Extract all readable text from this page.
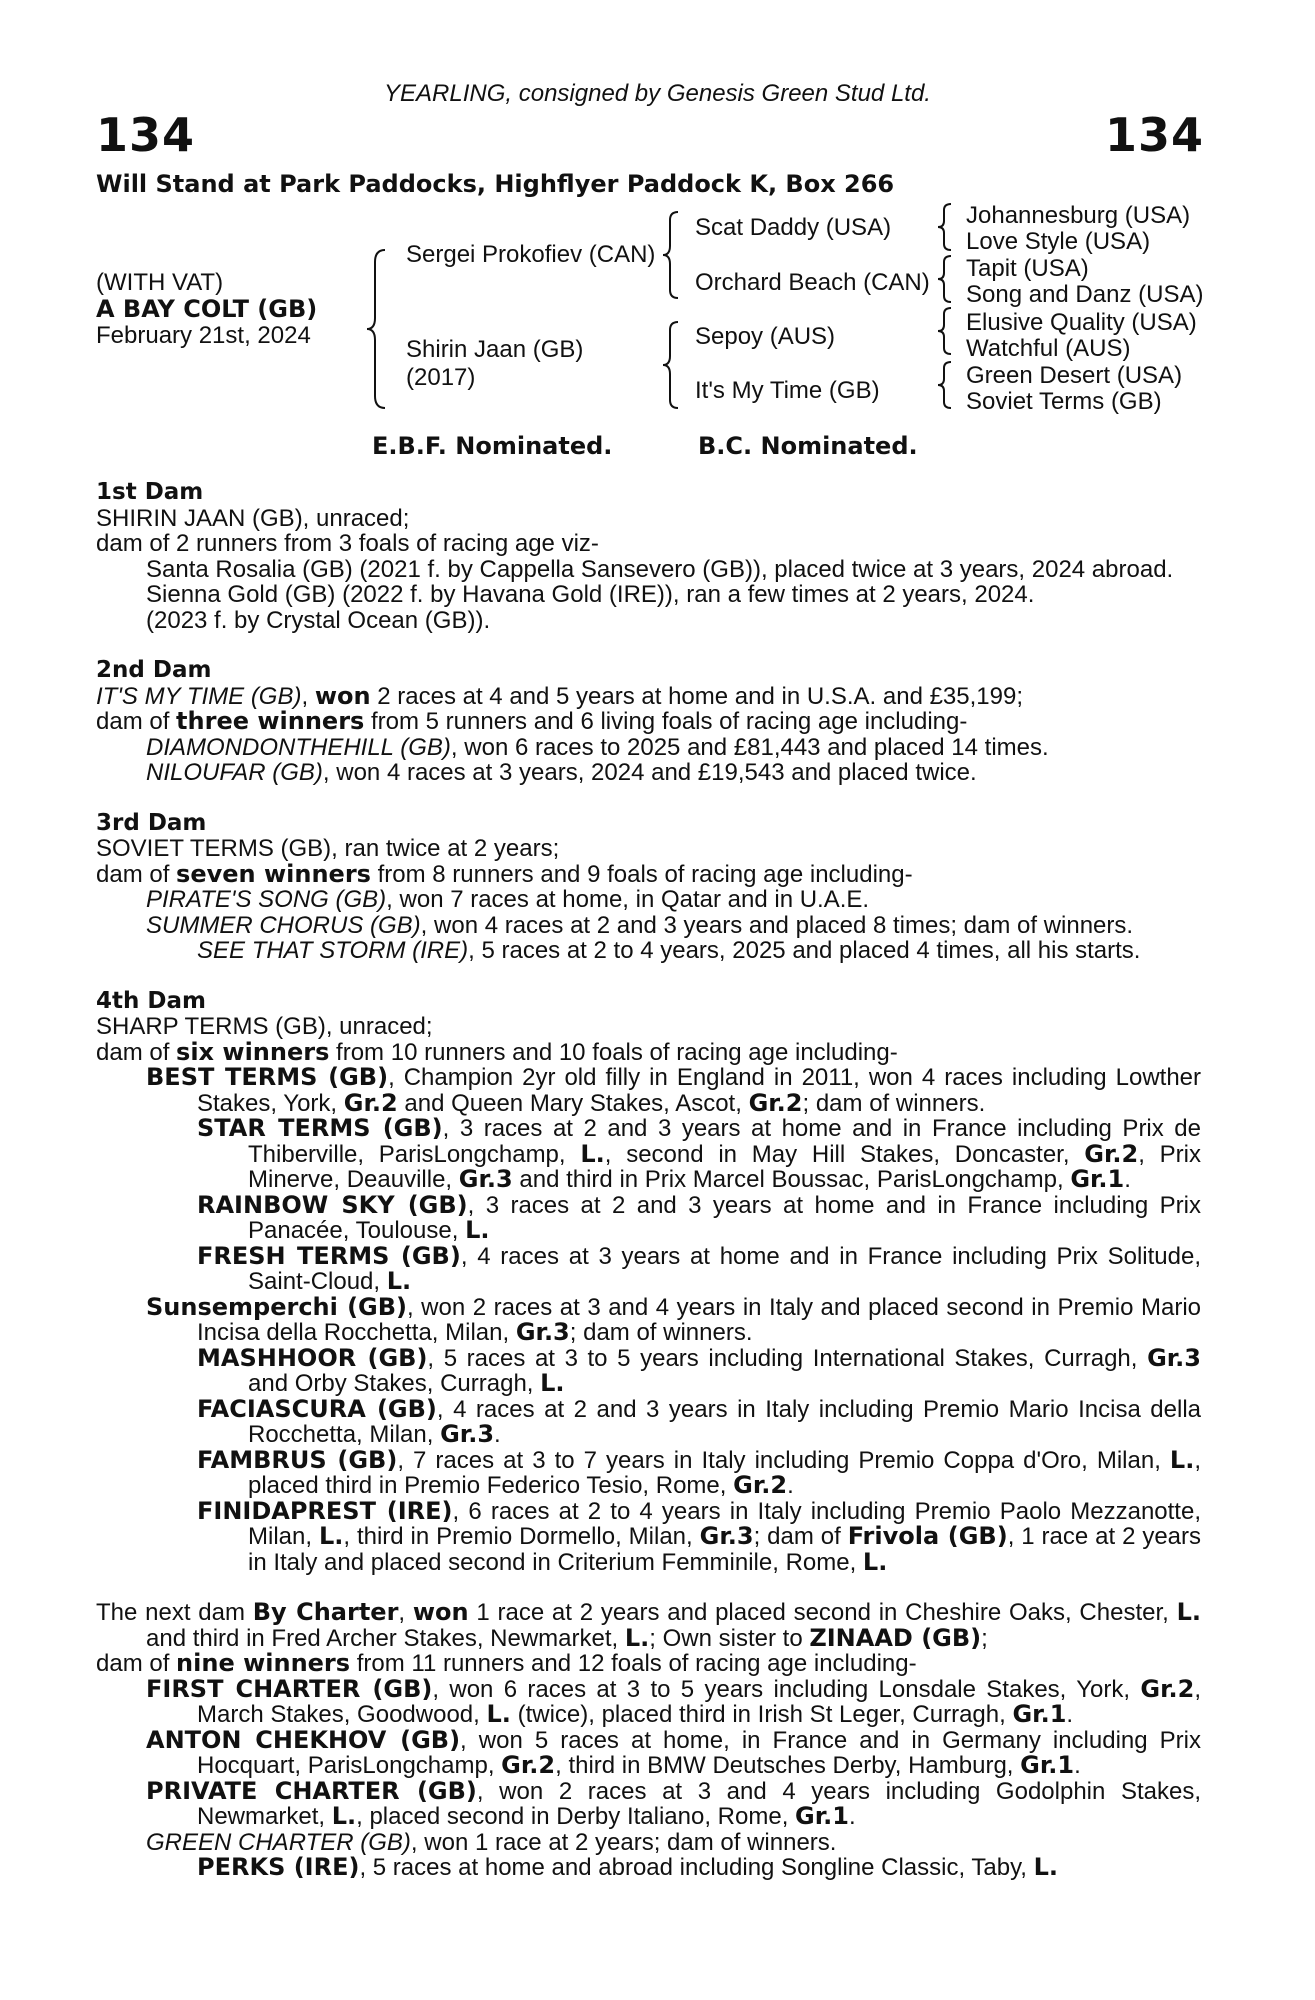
YEARLING, consigned by Genesis Green Stud Ltd.
134	134
Will Stand at Park Paddocks, Highflyer Paddock K, Box 266
(WITH VAT)
A BAY COLT (GB)
February 21st, 2024
Sergei Prokofiev (CAN)
Shirin Jaan (GB)
(2017)
Scat Daddy (USA)
Orchard Beach (CAN)
Sepoy (AUS)
It's My Time (GB)
Johannesburg (USA)
Love Style (USA)
Tapit (USA)
Song and Danz (USA)
Elusive Quality (USA)
Watchful (AUS)
Green Desert (USA)
Soviet Terms (GB)
E.B.F. Nominated.	B.C. Nominated.

1st Dam

SHIRIN JAAN (GB), unraced;

dam of 2 runners from 3 foals of racing age viz-

Santa Rosalia (GB) (2021 f. by Cappella Sansevero (GB)), placed twice at 3 years, 2024 abroad.

Sienna Gold (GB) (2022 f. by Havana Gold (IRE)), ran a few times at 2 years, 2024.

(2023 f. by Crystal Ocean (GB)).

2nd Dam

IT'S MY TIME (GB), won 2 races at 4 and 5 years at home and in U.S.A. and £35,199;

dam of three winners from 5 runners and 6 living foals of racing age including-

DIAMONDONTHEHILL (GB), won 6 races to 2025 and £81,443 and placed 14 times.

NILOUFAR (GB), won 4 races at 3 years, 2024 and £19,543 and placed twice.

3rd Dam

SOVIET TERMS (GB), ran twice at 2 years;

dam of seven winners from 8 runners and 9 foals of racing age including-

PIRATE'S SONG (GB), won 7 races at home, in Qatar and in U.A.E.

SUMMER CHORUS (GB), won 4 races at 2 and 3 years and placed 8 times; dam of winners.

SEE THAT STORM (IRE), 5 races at 2 to 4 years, 2025 and placed 4 times, all his starts.

4th Dam

SHARP TERMS (GB), unraced;

dam of six winners from 10 runners and 10 foals of racing age including-

BEST TERMS (GB), Champion 2yr old filly in England in 2011, won 4 races including Lowther Stakes, York, Gr.2 and Queen Mary Stakes, Ascot, Gr.2; dam of winners.

STAR TERMS (GB), 3 races at 2 and 3 years at home and in France including Prix de Thiberville, ParisLongchamp, L., second in May Hill Stakes, Doncaster, Gr.2, Prix Minerve, Deauville, Gr.3 and third in Prix Marcel Boussac, ParisLongchamp, Gr.1.

RAINBOW SKY (GB), 3 races at 2 and 3 years at home and in France including Prix Panacée, Toulouse, L.

FRESH TERMS (GB), 4 races at 3 years at home and in France including Prix Solitude, Saint-Cloud, L.

Sunsemperchi (GB), won 2 races at 3 and 4 years in Italy and placed second in Premio Mario Incisa della Rocchetta, Milan, Gr.3; dam of winners.

MASHHOOR (GB), 5 races at 3 to 5 years including International Stakes, Curragh, Gr.3 and Orby Stakes, Curragh, L.

FACIASCURA (GB), 4 races at 2 and 3 years in Italy including Premio Mario Incisa della Rocchetta, Milan, Gr.3.

FAMBRUS (GB), 7 races at 3 to 7 years in Italy including Premio Coppa d'Oro, Milan, L., placed third in Premio Federico Tesio, Rome, Gr.2.

FINIDAPREST (IRE), 6 races at 2 to 4 years in Italy including Premio Paolo Mezzanotte, Milan, L., third in Premio Dormello, Milan, Gr.3; dam of Frivola (GB), 1 race at 2 years in Italy and placed second in Criterium Femminile, Rome, L.

The next dam By Charter, won 1 race at 2 years and placed second in Cheshire Oaks, Chester, L. and third in Fred Archer Stakes, Newmarket, L.; Own sister to ZINAAD (GB);

dam of nine winners from 11 runners and 12 foals of racing age including-

FIRST CHARTER (GB), won 6 races at 3 to 5 years including Lonsdale Stakes, York, Gr.2, March Stakes, Goodwood, L. (twice), placed third in Irish St Leger, Curragh, Gr.1.

ANTON CHEKHOV (GB), won 5 races at home, in France and in Germany including Prix Hocquart, ParisLongchamp, Gr.2, third in BMW Deutsches Derby, Hamburg, Gr.1.

PRIVATE CHARTER (GB), won 2 races at 3 and 4 years including Godolphin Stakes, Newmarket, L., placed second in Derby Italiano, Rome, Gr.1.

GREEN CHARTER (GB), won 1 race at 2 years; dam of winners.

PERKS (IRE), 5 races at home and abroad including Songline Classic, Taby, L.
